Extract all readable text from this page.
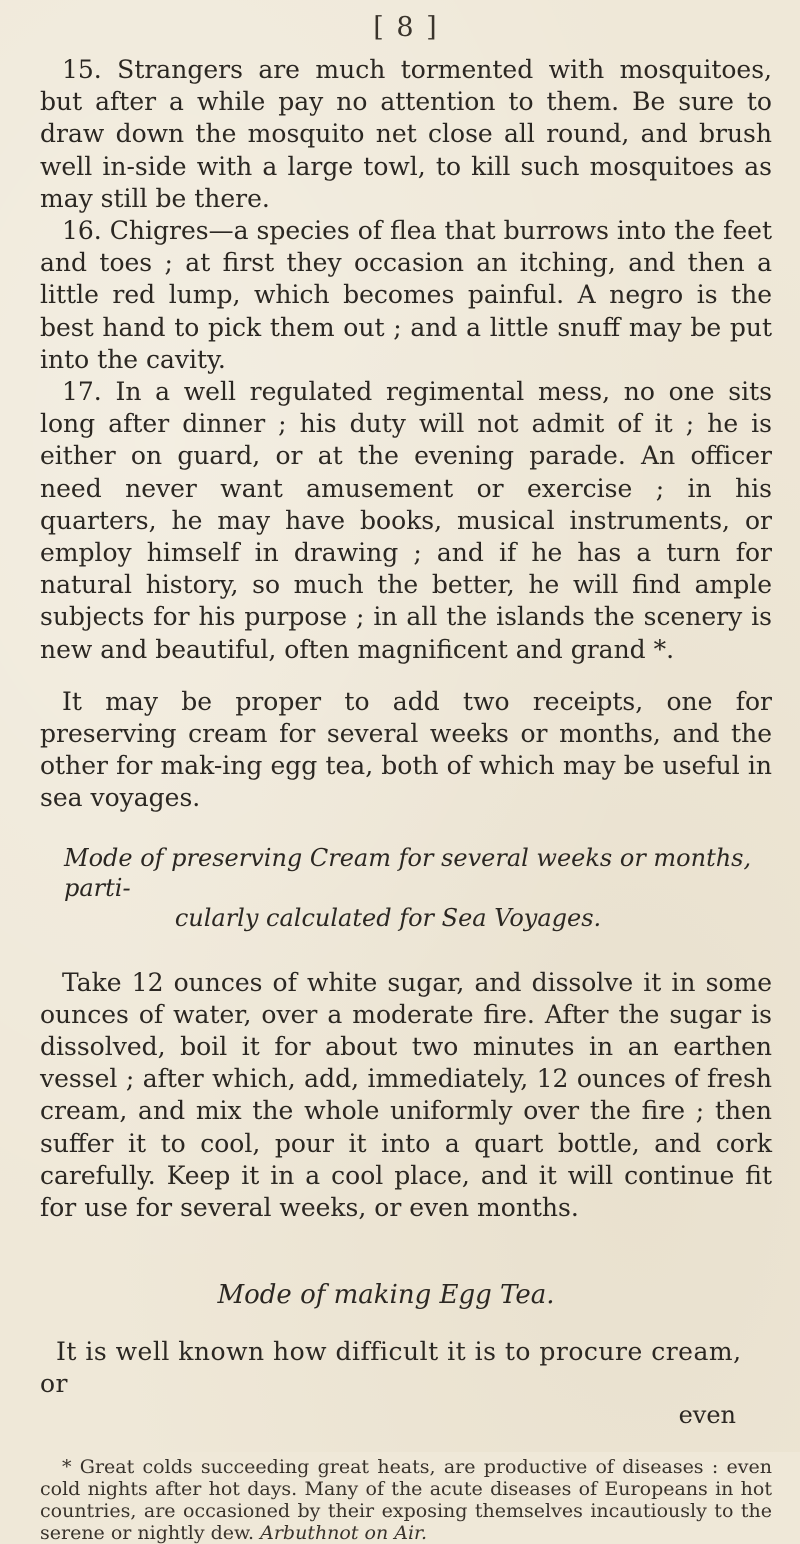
[ 8 ]

15. Strangers are much tormented with mosquitoes, but after a while pay no attention to them. Be sure to draw down the mosquito net close all round, and brush well in-side with a large towl, to kill such mosquitoes as may still be there.

16. Chigres—a species of flea that burrows into the feet and toes ; at first they occasion an itching, and then a little red lump, which becomes painful. A negro is the best hand to pick them out ; and a little snuff may be put into the cavity.

17. In a well regulated regimental mess, no one sits long after dinner ; his duty will not admit of it ; he is either on guard, or at the evening parade. An officer need never want amusement or exercise ; in his quarters, he may have books, musical instruments, or employ himself in drawing ; and if he has a turn for natural history, so much the better, he will find ample subjects for his purpose ; in all the islands the scenery is new and beautiful, often magnificent and grand *.

It may be proper to add two receipts, one for preserving cream for several weeks or months, and the other for mak-ing egg tea, both of which may be useful in sea voyages.

Mode of preserving Cream for several weeks or months, parti-
cularly calculated for Sea Voyages.

Take 12 ounces of white sugar, and dissolve it in some ounces of water, over a moderate fire. After the sugar is dissolved, boil it for about two minutes in an earthen vessel ; after which, add, immediately, 12 ounces of fresh cream, and mix the whole uniformly over the fire ; then suffer it to cool, pour it into a quart bottle, and cork carefully. Keep it in a cool place, and it will continue fit for use for several weeks, or even months.

Mode of making Egg Tea.

It is well known how difficult it is to procure cream, or

even

* Great colds succeeding great heats, are productive of diseases : even cold nights after hot days. Many of the acute diseases of Europeans in hot countries, are occasioned by their exposing themselves incautiously to the serene or nightly dew. Arbuthnot on Air.
